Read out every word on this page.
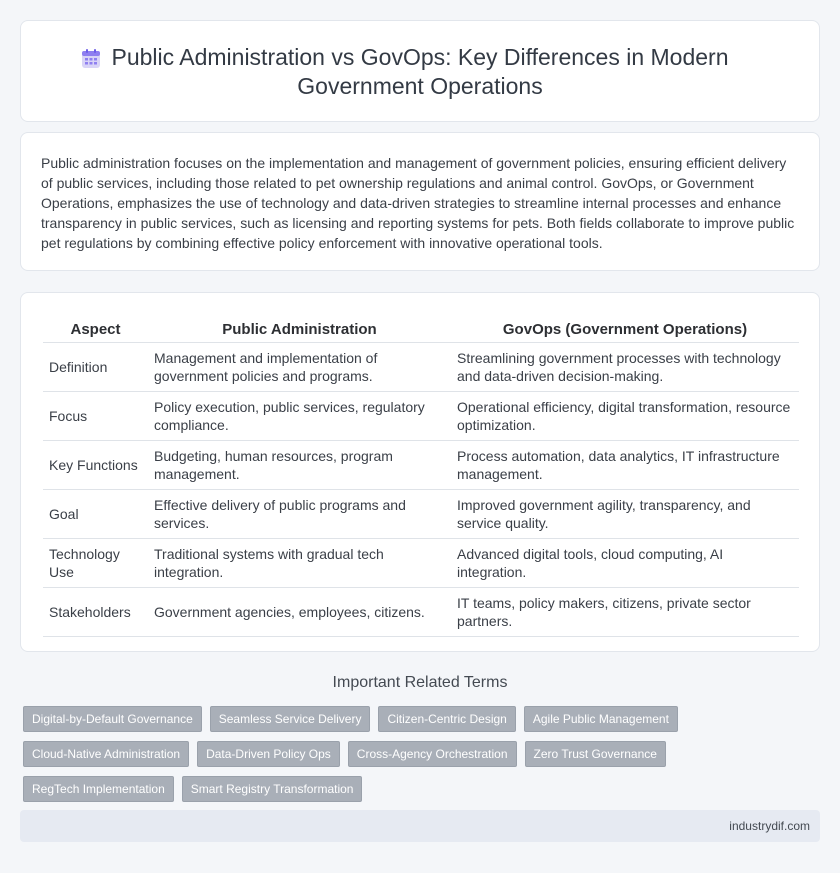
Public Administration vs GovOps: Key Differences in Modern Government Operations

Public administration focuses on the implementation and management of government policies, ensuring efficient delivery of public services, including those related to pet ownership regulations and animal control. GovOps, or Government Operations, emphasizes the use of technology and data-driven strategies to streamline internal processes and enhance transparency in public services, such as licensing and reporting systems for pets. Both fields collaborate to improve public pet regulations by combining effective policy enforcement with innovative operational tools.

Aspect	Public Administration	GovOps (Government Operations)
Definition	Management and implementation of government policies and programs.	Streamlining government processes with technology and data-driven decision-making.
Focus	Policy execution, public services, regulatory compliance.	Operational efficiency, digital transformation, resource optimization.
Key Functions	Budgeting, human resources, program management.	Process automation, data analytics, IT infrastructure management.
Goal	Effective delivery of public programs and services.	Improved government agility, transparency, and service quality.
Technology Use	Traditional systems with gradual tech integration.	Advanced digital tools, cloud computing, AI integration.
Stakeholders	Government agencies, employees, citizens.	IT teams, policy makers, citizens, private sector partners.
Important Related Terms
Digital-by-Default Governance	Seamless Service Delivery	Citizen-Centric Design	Agile Public Management
Cloud-Native Administration	Data-Driven Policy Ops	Cross-Agency Orchestration	Zero Trust Governance
RegTech Implementation	Smart Registry Transformation
industrydif.com
